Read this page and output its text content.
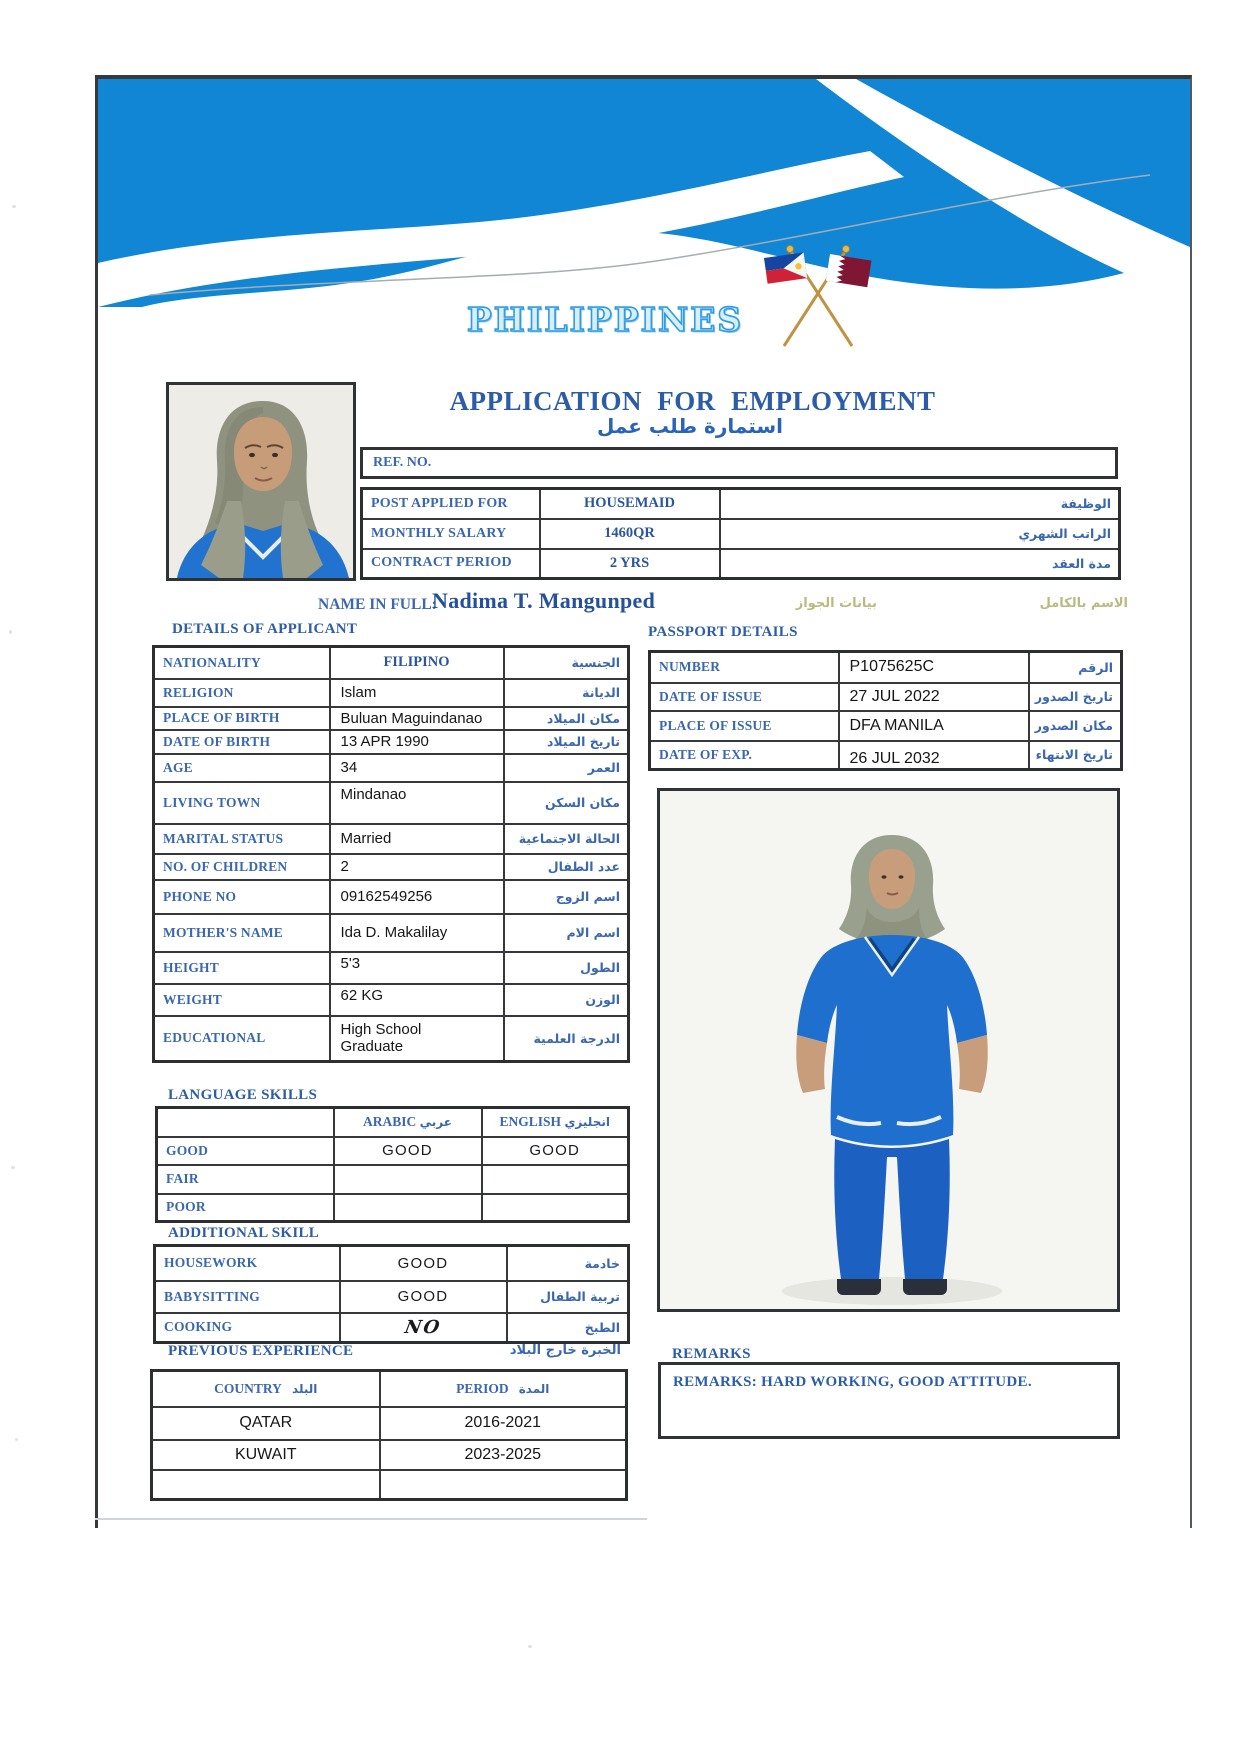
PHILIPPINES
APPLICATION FOR EMPLOYMENT
استمارة طلب عمل
REF. NO.
POST APPLIED FOR	HOUSEMAID	الوظيفة
MONTHLY SALARY	1460QR	الراتب الشهري
CONTRACT PERIOD	2 YRS	مدة العقد
NAME IN FULL:
Nadima T. Mangunped	بيانات الجواز	الاسم بالكامل
DETAILS OF APPLICANT	PASSPORT DETAILS
NATIONALITY	FILIPINO	الجنسية
RELIGION	Islam	الديانة
PLACE OF BIRTH	Buluan Maguindanao	مكان الميلاد
DATE OF BIRTH	13 APR 1990	تاريخ الميلاد
AGE	34	العمر
LIVING TOWN	Mindanao	مكان السكن
MARITAL STATUS	Married	الحالة الاجتماعية
NO. OF CHILDREN	2	عدد الطفال
PHONE NO	09162549256	اسم الزوج
MOTHER'S NAME	Ida D. Makalilay	اسم الام
HEIGHT	5'3	الطول
WEIGHT	62 KG	الوزن
EDUCATIONAL	High School Graduate	الدرجة العلمية
NUMBER	P1075625C	الرقم
DATE OF ISSUE	27 JUL 2022	تاريخ الصدور
PLACE OF ISSUE	DFA MANILA	مكان الصدور
DATE OF EXP.	26 JUL 2032	تاريخ الانتهاء
LANGUAGE SKILLS
	ARABIC عربي	ENGLISH انجليزي
GOOD	GOOD	GOOD
FAIR		
POOR		
ADDITIONAL SKILL
HOUSEWORK	GOOD	خادمة
BABYSITTING	GOOD	تربية الطفال
COOKING	NO	الطبخ
PREVIOUS EXPERIENCE	الخبرة خارج البلاد
COUNTRY البلد	PERIOD المدة
QATAR	2016-2021
KUWAIT	2023-2025

REMARKS
REMARKS: HARD WORKING, GOOD ATTITUDE.
